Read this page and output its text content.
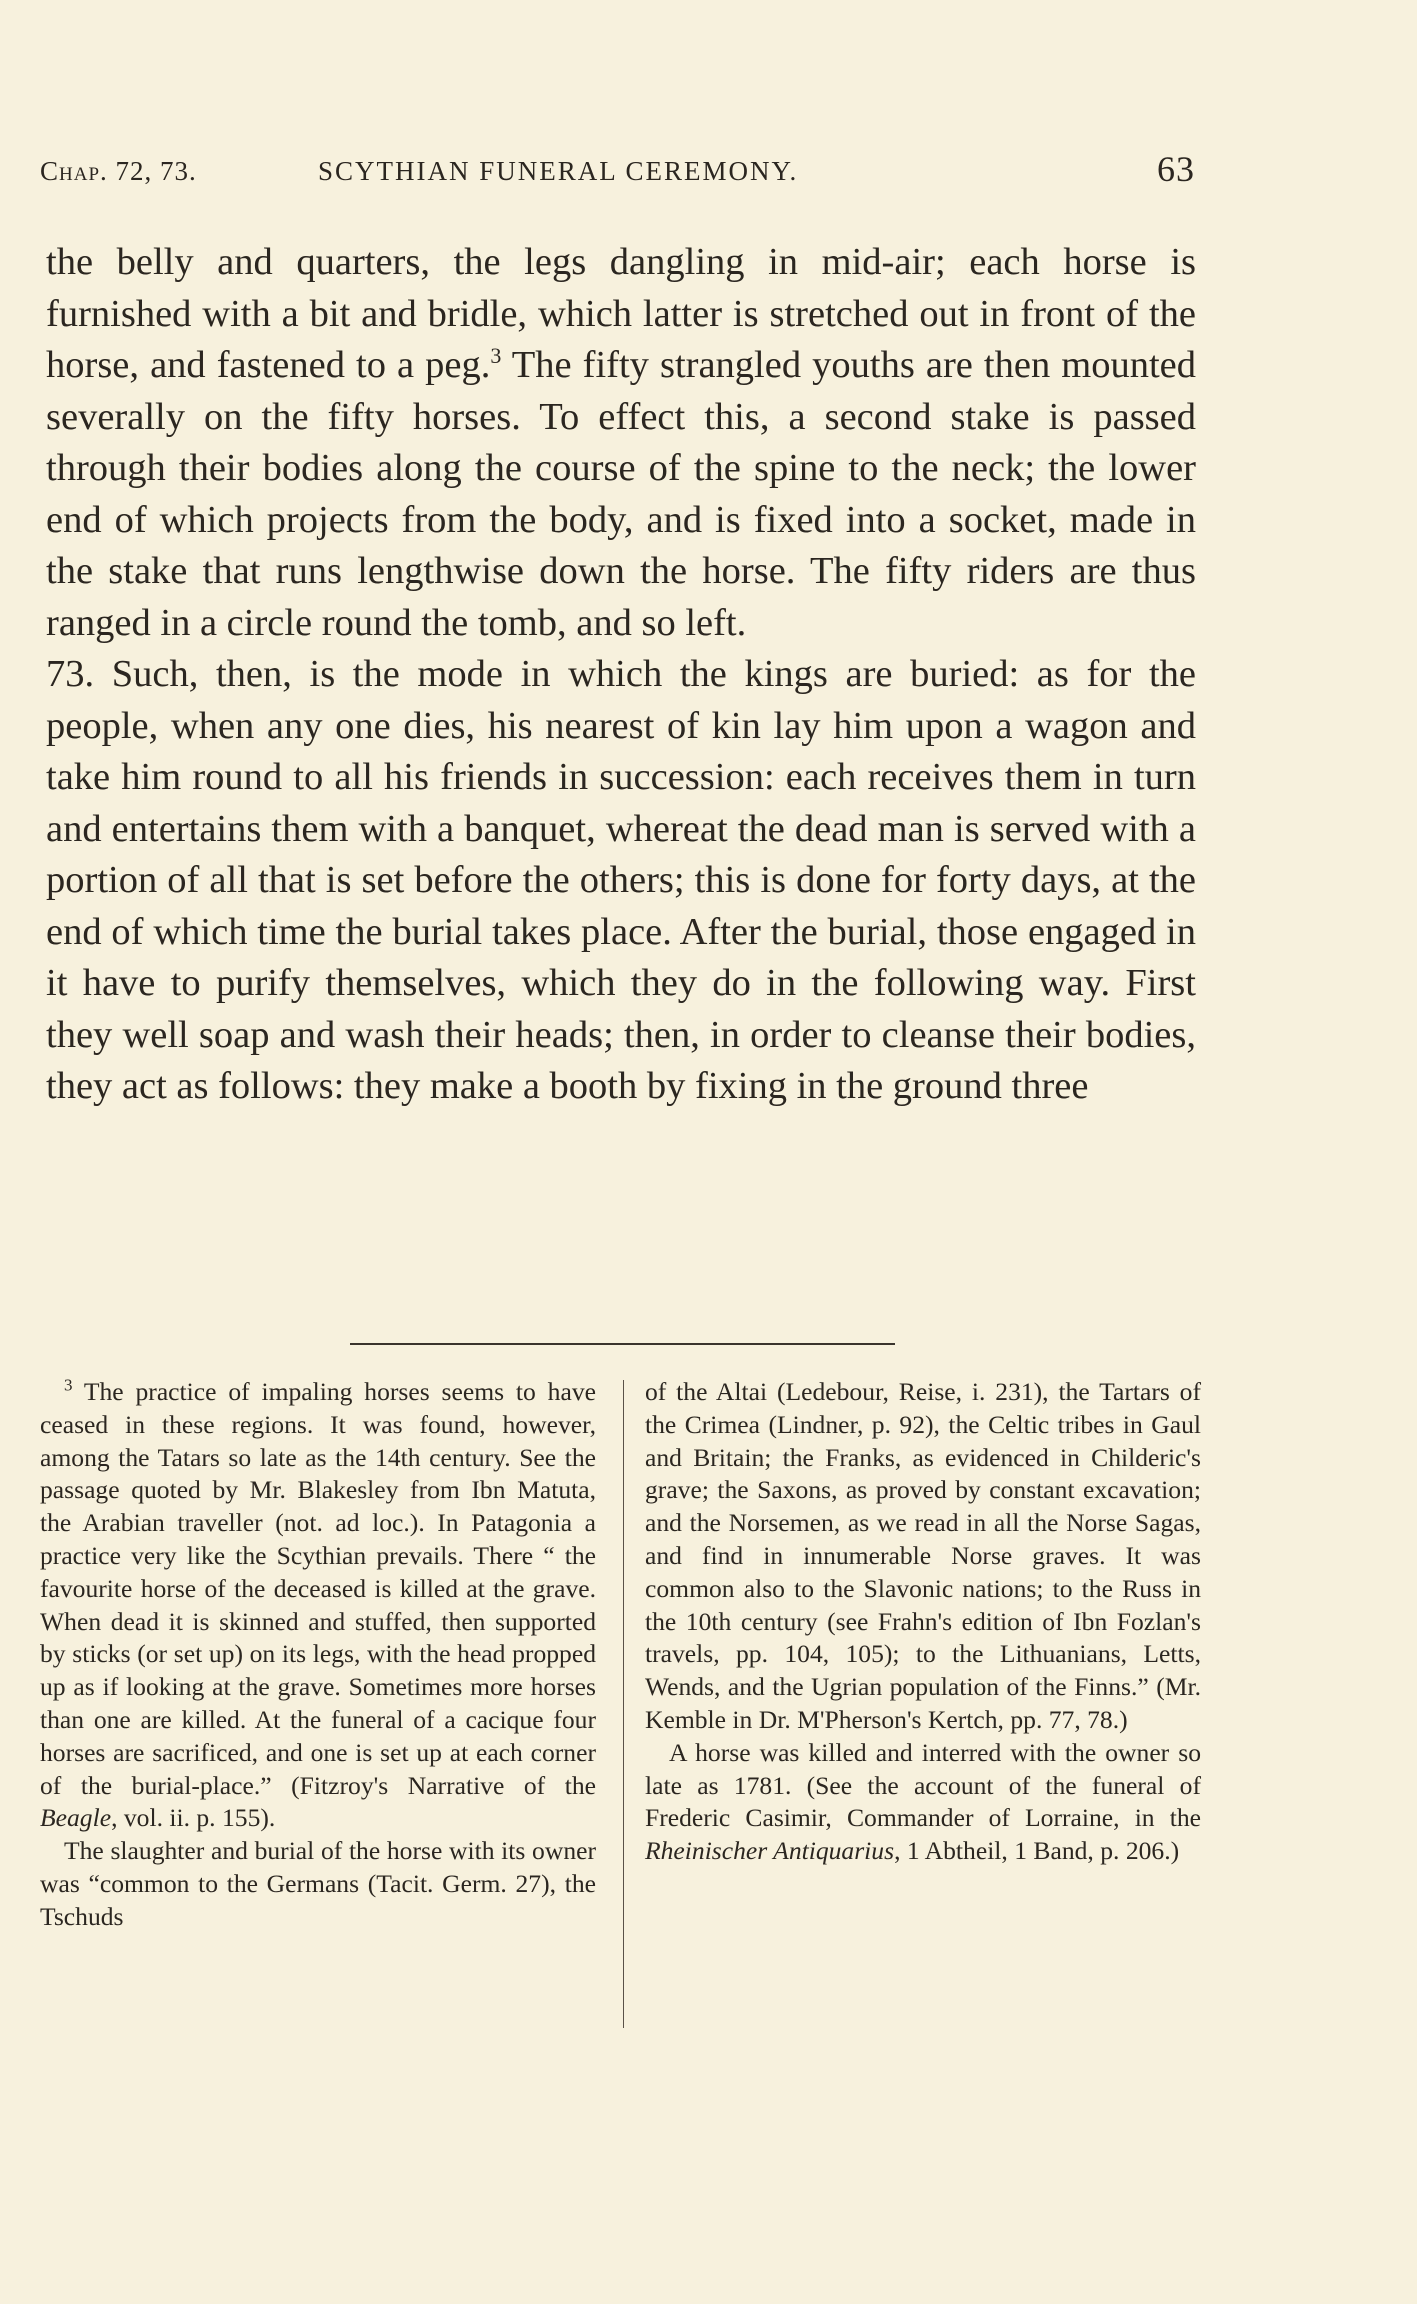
Chap. 72, 73.	SCYTHIAN FUNERAL CEREMONY.	63

the belly and quarters, the legs dangling in mid-air; each horse is furnished with a bit and bridle, which latter is stretched out in front of the horse, and fastened to a peg.$^3$ The fifty strangled youths are then mounted severally on the fifty horses. To effect this, a second stake is passed through their bodies along the course of the spine to the neck; the lower end of which projects from the body, and is fixed into a socket, made in the stake that runs lengthwise down the horse. The fifty riders are thus ranged in a circle round the tomb, and so left.

73. Such, then, is the mode in which the kings are buried: as for the people, when any one dies, his nearest of kin lay him upon a wagon and take him round to all his friends in succession: each receives them in turn and entertains them with a banquet, whereat the dead man is served with a portion of all that is set before the others; this is done for forty days, at the end of which time the burial takes place. After the burial, those engaged in it have to purify themselves, which they do in the following way. First they well soap and wash their heads; then, in order to cleanse their bodies, they act as follows: they make a booth by fixing in the ground three

$^3$ The practice of impaling horses seems to have ceased in these regions. It was found, however, among the Tatars so late as the 14th century. See the passage quoted by Mr. Blakesley from Ibn Matuta, the Arabian traveller (not. ad loc.). In Patagonia a practice very like the Scythian prevails. There “ the favourite horse of the deceased is killed at the grave. When dead it is skinned and stuffed, then supported by sticks (or set up) on its legs, with the head propped up as if looking at the grave. Sometimes more horses than one are killed. At the funeral of a cacique four horses are sacrificed, and one is set up at each corner of the burial-place.” (Fitzroy's Narrative of the Beagle, vol. ii. p. 155).

The slaughter and burial of the horse with its owner was “common to the Germans (Tacit. Germ. 27), the Tschuds

of the Altai (Ledebour, Reise, i. 231), the Tartars of the Crimea (Lindner, p. 92), the Celtic tribes in Gaul and Britain; the Franks, as evidenced in Childeric's grave; the Saxons, as proved by constant excavation; and the Norsemen, as we read in all the Norse Sagas, and find in innumerable Norse graves. It was common also to the Slavonic nations; to the Russ in the 10th century (see Frahn's edition of Ibn Fozlan's travels, pp. 104, 105); to the Lithuanians, Letts, Wends, and the Ugrian population of the Finns.” (Mr. Kemble in Dr. M'Pherson's Kertch, pp. 77, 78.)

A horse was killed and interred with the owner so late as 1781. (See the account of the funeral of Frederic Casimir, Commander of Lorraine, in the Rheinischer Antiquarius, 1 Abtheil, 1 Band, p. 206.)
